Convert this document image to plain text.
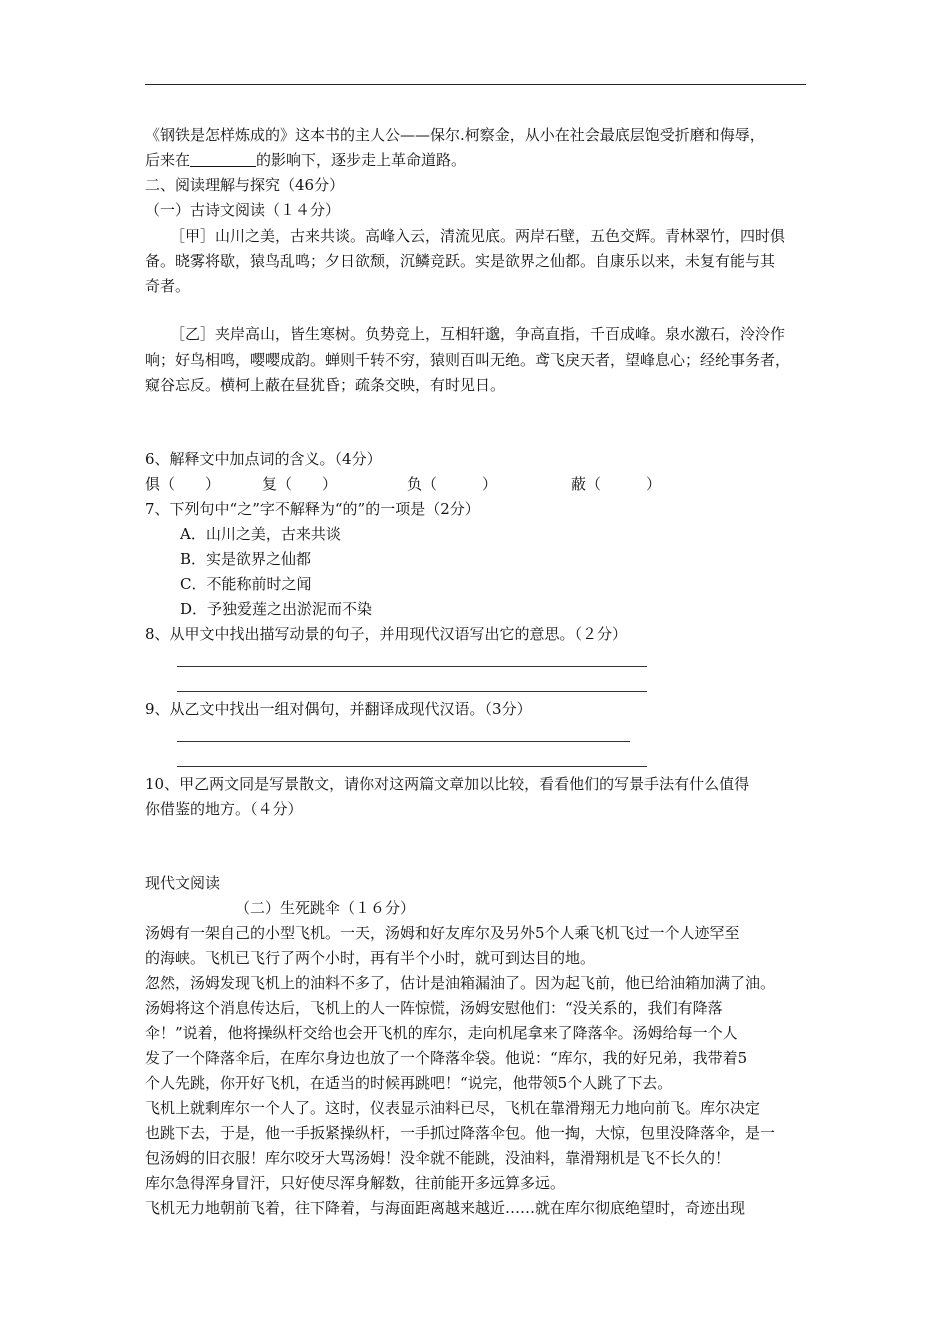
《钢铁是怎样炼成的》这本书的主人公——保尔.柯察金，从小在社会最底层饱受折磨和侮辱，
后来在	的影响下，逐步走上革命道路。
二、阅读理解与探究（46分）
（一）古诗文阅读（１４分）
［甲］山川之美，古来共谈。高峰入云，清流见底。两岸石壁，五色交辉。青林翠竹，四时俱
备。晓雾将歇，猿鸟乱鸣；夕日欲颓，沉鳞竞跃。实是欲界之仙都。自康乐以来，未复有能与其
奇者。
［乙］夹岸高山，皆生寒树。负势竞上，互相轩邈，争高直指，千百成峰。泉水激石，泠泠作
响；好鸟相鸣，嘤嘤成韵。蝉则千转不穷，猿则百叫无绝。鸢飞戾天者，望峰息心；经纶事务者，
窥谷忘反。横柯上蔽在昼犹昏；疏条交映，有时见日。
6、解释文中加点词的含义。（4分）
俱（　　）	复（　　）	负（　　　）	蔽（　　　）
7、下列句中“之”字不解释为“的”的一项是（2分）
A．山川之美，古来共谈
B．实是欲界之仙都
C．不能称前时之闻
D．予独爱莲之出淤泥而不染
8、从甲文中找出描写动景的句子，并用现代汉语写出它的意思。（２分）
9、从乙文中找出一组对偶句，并翻译成现代汉语。（3分）
10、甲乙两文同是写景散文，请你对这两篇文章加以比较，看看他们的写景手法有什么值得
你借鉴的地方。（４分）
现代文阅读
（二）生死跳伞（１６分）
汤姆有一架自己的小型飞机。一天，汤姆和好友库尔及另外5个人乘飞机飞过一个人迹罕至
的海峡。飞机已飞行了两个小时，再有半个小时，就可到达目的地。
忽然，汤姆发现飞机上的油料不多了，估计是油箱漏油了。因为起飞前，他已给油箱加满了油。
汤姆将这个消息传达后，飞机上的人一阵惊慌，汤姆安慰他们：“没关系的，我们有降落
伞！”说着，他将操纵杆交给也会开飞机的库尔，走向机尾拿来了降落伞。汤姆给每一个人
发了一个降落伞后，在库尔身边也放了一个降落伞袋。他说：“库尔，我的好兄弟，我带着5
个人先跳，你开好飞机，在适当的时候再跳吧！“说完，他带领5个人跳了下去。
飞机上就剩库尔一个人了。这时，仪表显示油料已尽，飞机在靠滑翔无力地向前飞。库尔决定
也跳下去，于是，他一手扳紧操纵杆，一手抓过降落伞包。他一掏，大惊，包里没降落伞，是一
包汤姆的旧衣服！库尔咬牙大骂汤姆！没伞就不能跳，没油料，靠滑翔机是飞不长久的！
库尔急得浑身冒汗，只好使尽浑身解数，往前能开多远算多远。
飞机无力地朝前飞着，往下降着，与海面距离越来越近……就在库尔彻底绝望时，奇迹出现
